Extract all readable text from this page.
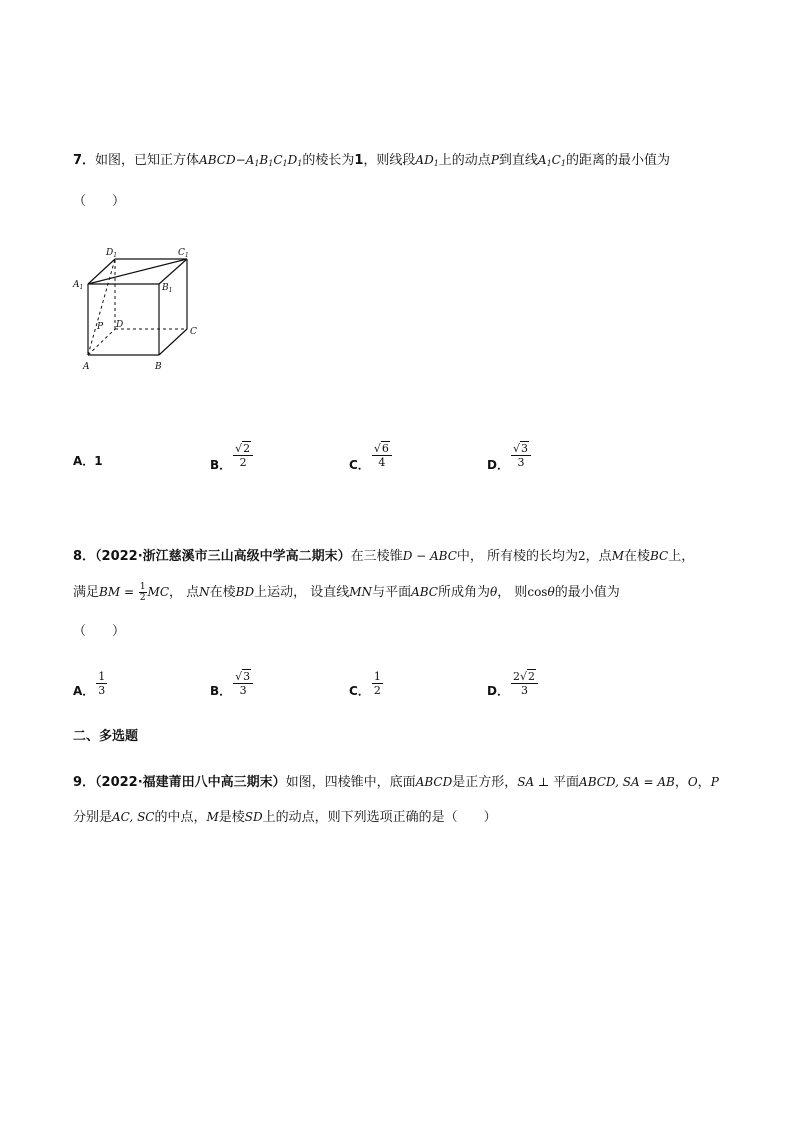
7．如图，已知正方体$ABCD-A_1B_1C_1D_1$的棱长为1，则线段$AD_1$上的动点P到直线$A_1C_1$的距离的最小值为
（　　）
$D_1$	$C_1$
$A_1$	$B_1$
P D
C
A	B
A．1	B． $\frac{√2}{2}$	C． $\frac{√6}{4}$	D． $\frac{√3}{3}$
8．（2022·浙江慈溪市三山高级中学高二期末）在三棱锥D − ABC中， 所有棱的长均为2，点M在棱BC上，
满足BM = $\frac{1}{2}$ MC， 点N在棱BD上运动， 设直线MN与平面ABC所成角为θ， 则cosθ的最小值为
（　　）
A． $\frac{1}{3}$	B． $\frac{√3}{3}$	C． $\frac{1}{2}$	D． $\frac{2√2}{3}$
二、多选题
9．（2022·福建莆田八中高三期末）如图，四棱锥中，底面ABCD是正方形，SA ⊥ 平面ABCD, SA = AB，O，P
分别是AC, SC的中点，M是棱SD上的动点，则下列选项正确的是（　　）
